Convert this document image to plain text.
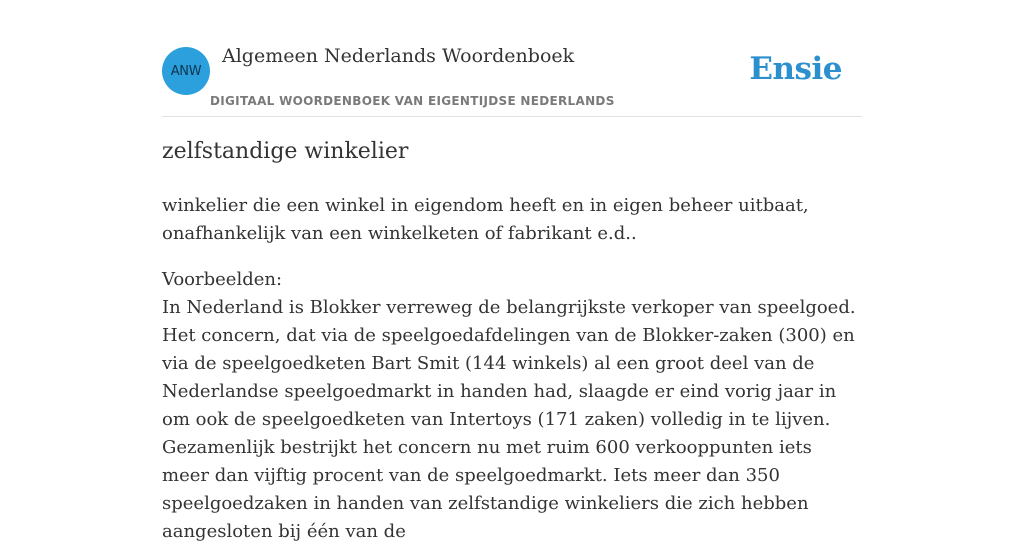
ANW
Algemeen Nederlands Woordenboek
DIGITAAL WOORDENBOEK VAN EIGENTIJDSE NEDERLANDS
Ensie
zelfstandige winkelier

winkelier die een winkel in eigendom heeft en in eigen beheer uitbaat, onafhankelijk van een winkelketen of fabrikant e.d..

Voorbeelden:
In Nederland is Blokker verreweg de belangrijkste verkoper van speelgoed. Het concern, dat via de speelgoedafdelingen van de Blokker-zaken (300) en via de speelgoedketen Bart Smit (144 winkels) al een groot deel van de Nederlandse speelgoedmarkt in handen had, slaagde er eind vorig jaar in om ook de speelgoedketen van Intertoys (171 zaken) volledig in te lijven. Gezamenlijk bestrijkt het concern nu met ruim 600 verkooppunten iets meer dan vijftig procent van de speelgoedmarkt. Iets meer dan 350 speelgoedzaken in handen van zelfstandige winkeliers die zich hebben aangesloten bij één van de
